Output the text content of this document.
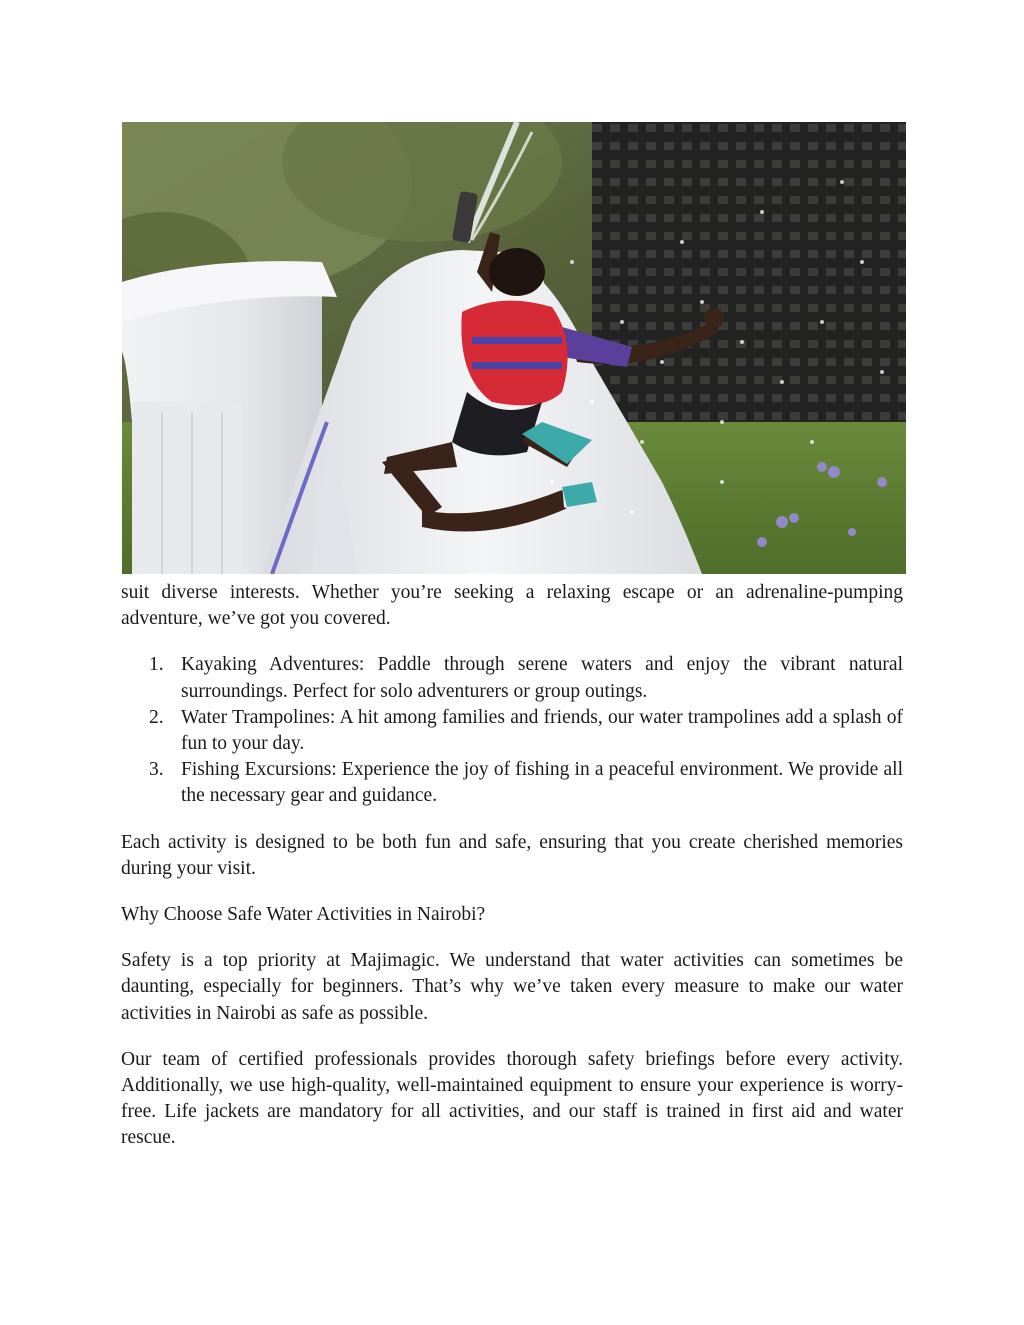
suit diverse interests. Whether you’re seeking a relaxing escape or an adrenaline-pumping adventure, we’ve got you covered.

1. Kayaking Adventures: Paddle through serene waters and enjoy the vibrant natural surroundings. Perfect for solo adventurers or group outings.
2. Water Trampolines: A hit among families and friends, our water trampolines add a splash of fun to your day.
3. Fishing Excursions: Experience the joy of fishing in a peaceful environment. We provide all the necessary gear and guidance.

Each activity is designed to be both fun and safe, ensuring that you create cherished memories during your visit.

Why Choose Safe Water Activities in Nairobi?

Safety is a top priority at Majimagic. We understand that water activities can sometimes be daunting, especially for beginners. That’s why we’ve taken every measure to make our water activities in Nairobi as safe as possible.

Our team of certified professionals provides thorough safety briefings before every activity. Additionally, we use high-quality, well-maintained equipment to ensure your experience is worry-free. Life jackets are mandatory for all activities, and our staff is trained in first aid and water rescue.
